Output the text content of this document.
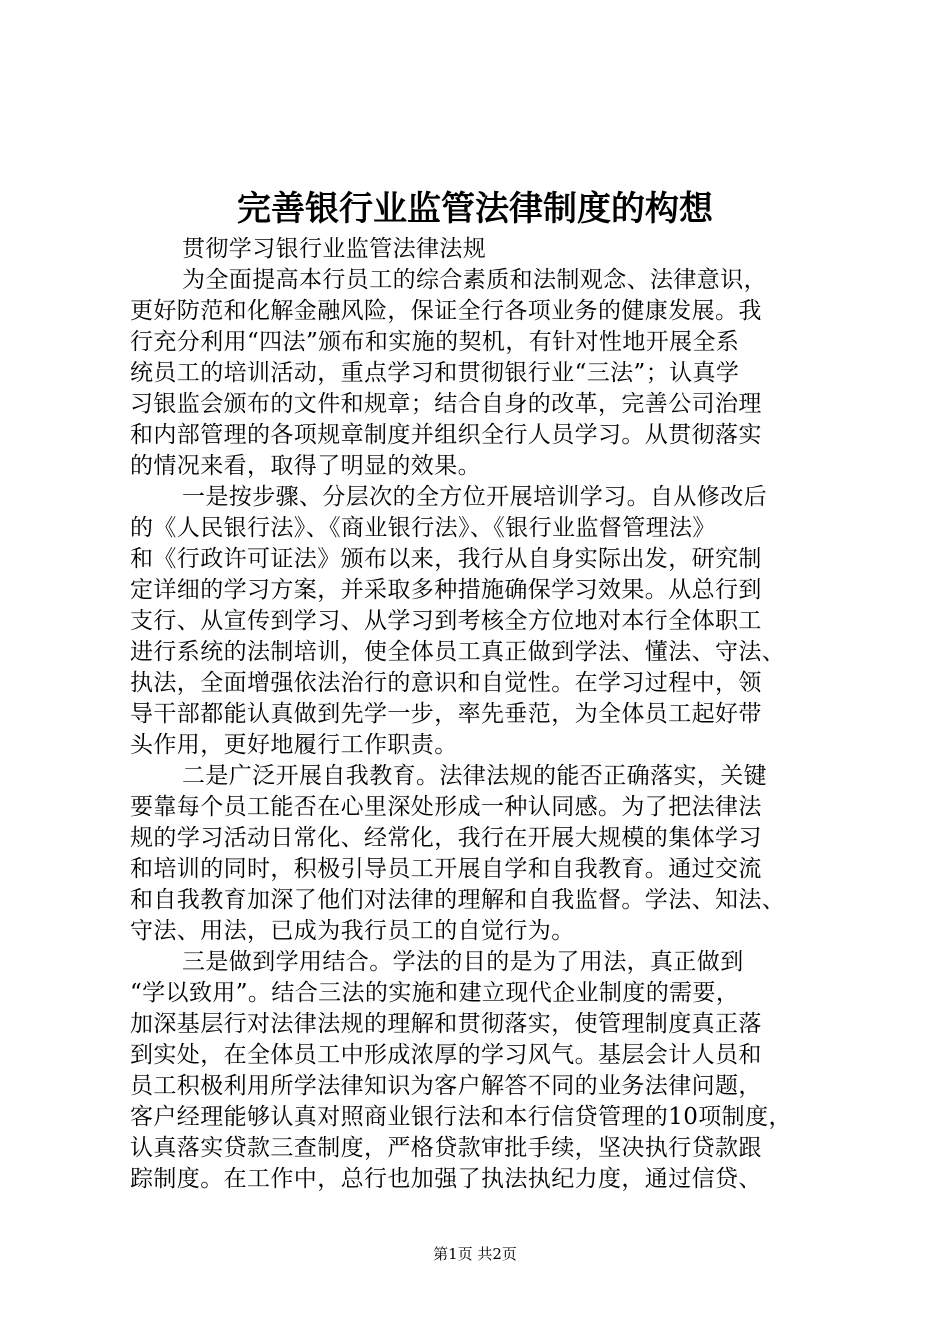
完善银行业监管法律制度的构想
贯彻学习银行业监管法律法规
为全面提高本行员工的综合素质和法制观念、法律意识，
更好防范和化解金融风险，保证全行各项业务的健康发展。我
行充分利用“四法”颁布和实施的契机，有针对性地开展全系
统员工的培训活动，重点学习和贯彻银行业“三法”；认真学
习银监会颁布的文件和规章；结合自身的改革，完善公司治理
和内部管理的各项规章制度并组织全行人员学习。从贯彻落实
的情况来看，取得了明显的效果。
一是按步骤、分层次的全方位开展培训学习。自从修改后
的《人民银行法》、《商业银行法》、《银行业监督管理法》
和《行政许可证法》颁布以来，我行从自身实际出发，研究制
定详细的学习方案，并采取多种措施确保学习效果。从总行到
支行、从宣传到学习、从学习到考核全方位地对本行全体职工
进行系统的法制培训，使全体员工真正做到学法、懂法、守法、
执法，全面增强依法治行的意识和自觉性。在学习过程中，领
导干部都能认真做到先学一步，率先垂范，为全体员工起好带
头作用，更好地履行工作职责。
二是广泛开展自我教育。法律法规的能否正确落实，关键
要靠每个员工能否在心里深处形成一种认同感。为了把法律法
规的学习活动日常化、经常化，我行在开展大规模的集体学习
和培训的同时，积极引导员工开展自学和自我教育。通过交流
和自我教育加深了他们对法律的理解和自我监督。学法、知法、
守法、用法，已成为我行员工的自觉行为。
三是做到学用结合。学法的目的是为了用法，真正做到
“学以致用”。结合三法的实施和建立现代企业制度的需要，
加深基层行对法律法规的理解和贯彻落实，使管理制度真正落
到实处，在全体员工中形成浓厚的学习风气。基层会计人员和
员工积极利用所学法律知识为客户解答不同的业务法律问题，
客户经理能够认真对照商业银行法和本行信贷管理的10项制度，
认真落实贷款三查制度，严格贷款审批手续，坚决执行贷款跟
踪制度。在工作中，总行也加强了执法执纪力度，通过信贷、
第1页 共2页
